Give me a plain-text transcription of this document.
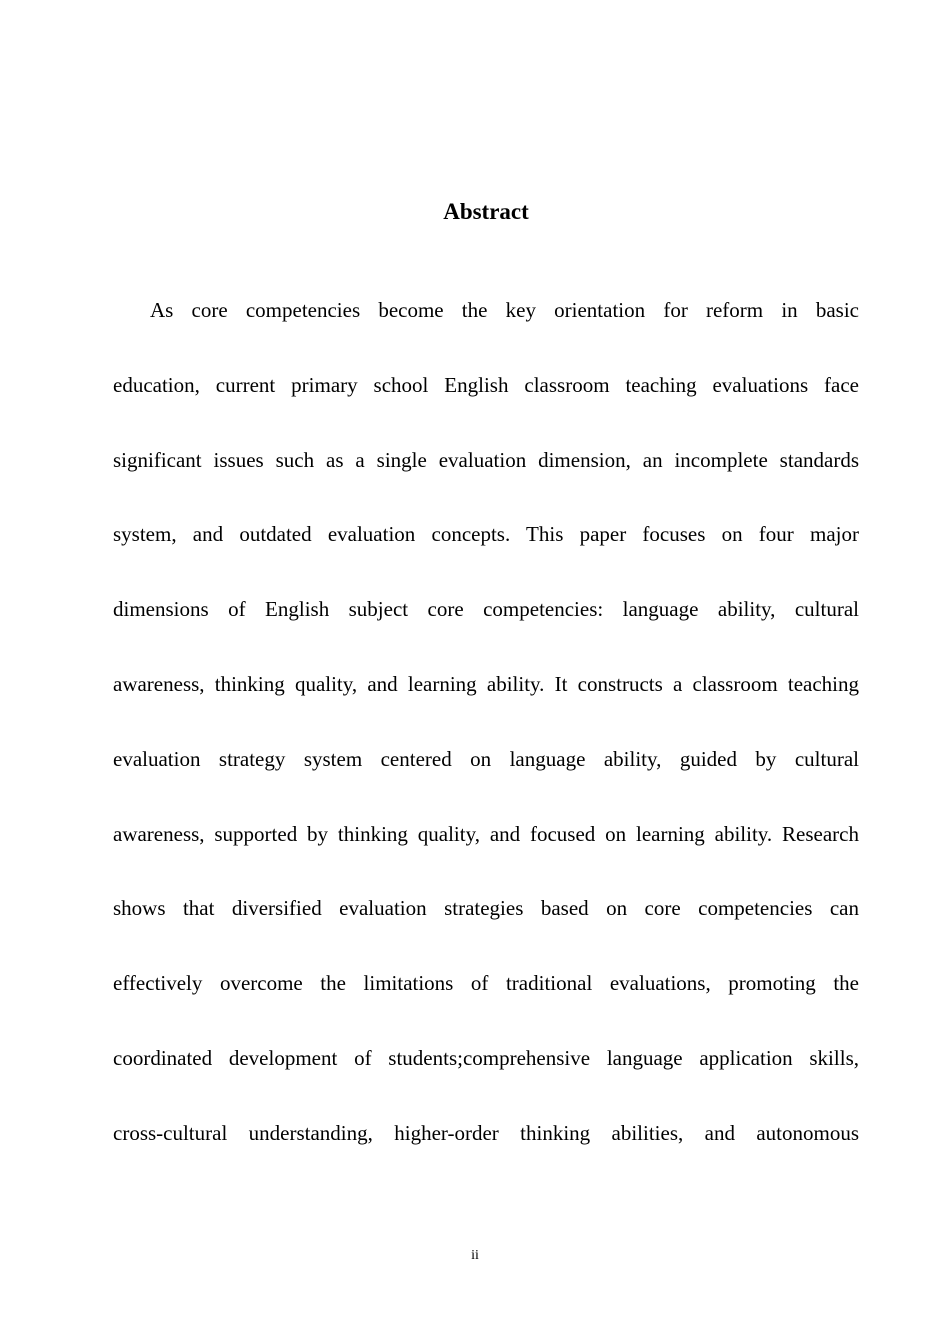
Abstract
As core competencies become the key orientation for reform in basic
education, current primary school English classroom teaching evaluations face
significant issues such as a single evaluation dimension, an incomplete standards
system, and outdated evaluation concepts. This paper focuses on four major
dimensions of English subject core competencies: language ability, cultural
awareness, thinking quality, and learning ability. It constructs a classroom teaching
evaluation strategy system centered on language ability, guided by cultural
awareness, supported by thinking quality, and focused on learning ability. Research
shows that diversified evaluation strategies based on core competencies can
effectively overcome the limitations of traditional evaluations, promoting the
coordinated development of students;comprehensive language application skills,
cross-cultural understanding, higher-order thinking abilities, and autonomous
ii
